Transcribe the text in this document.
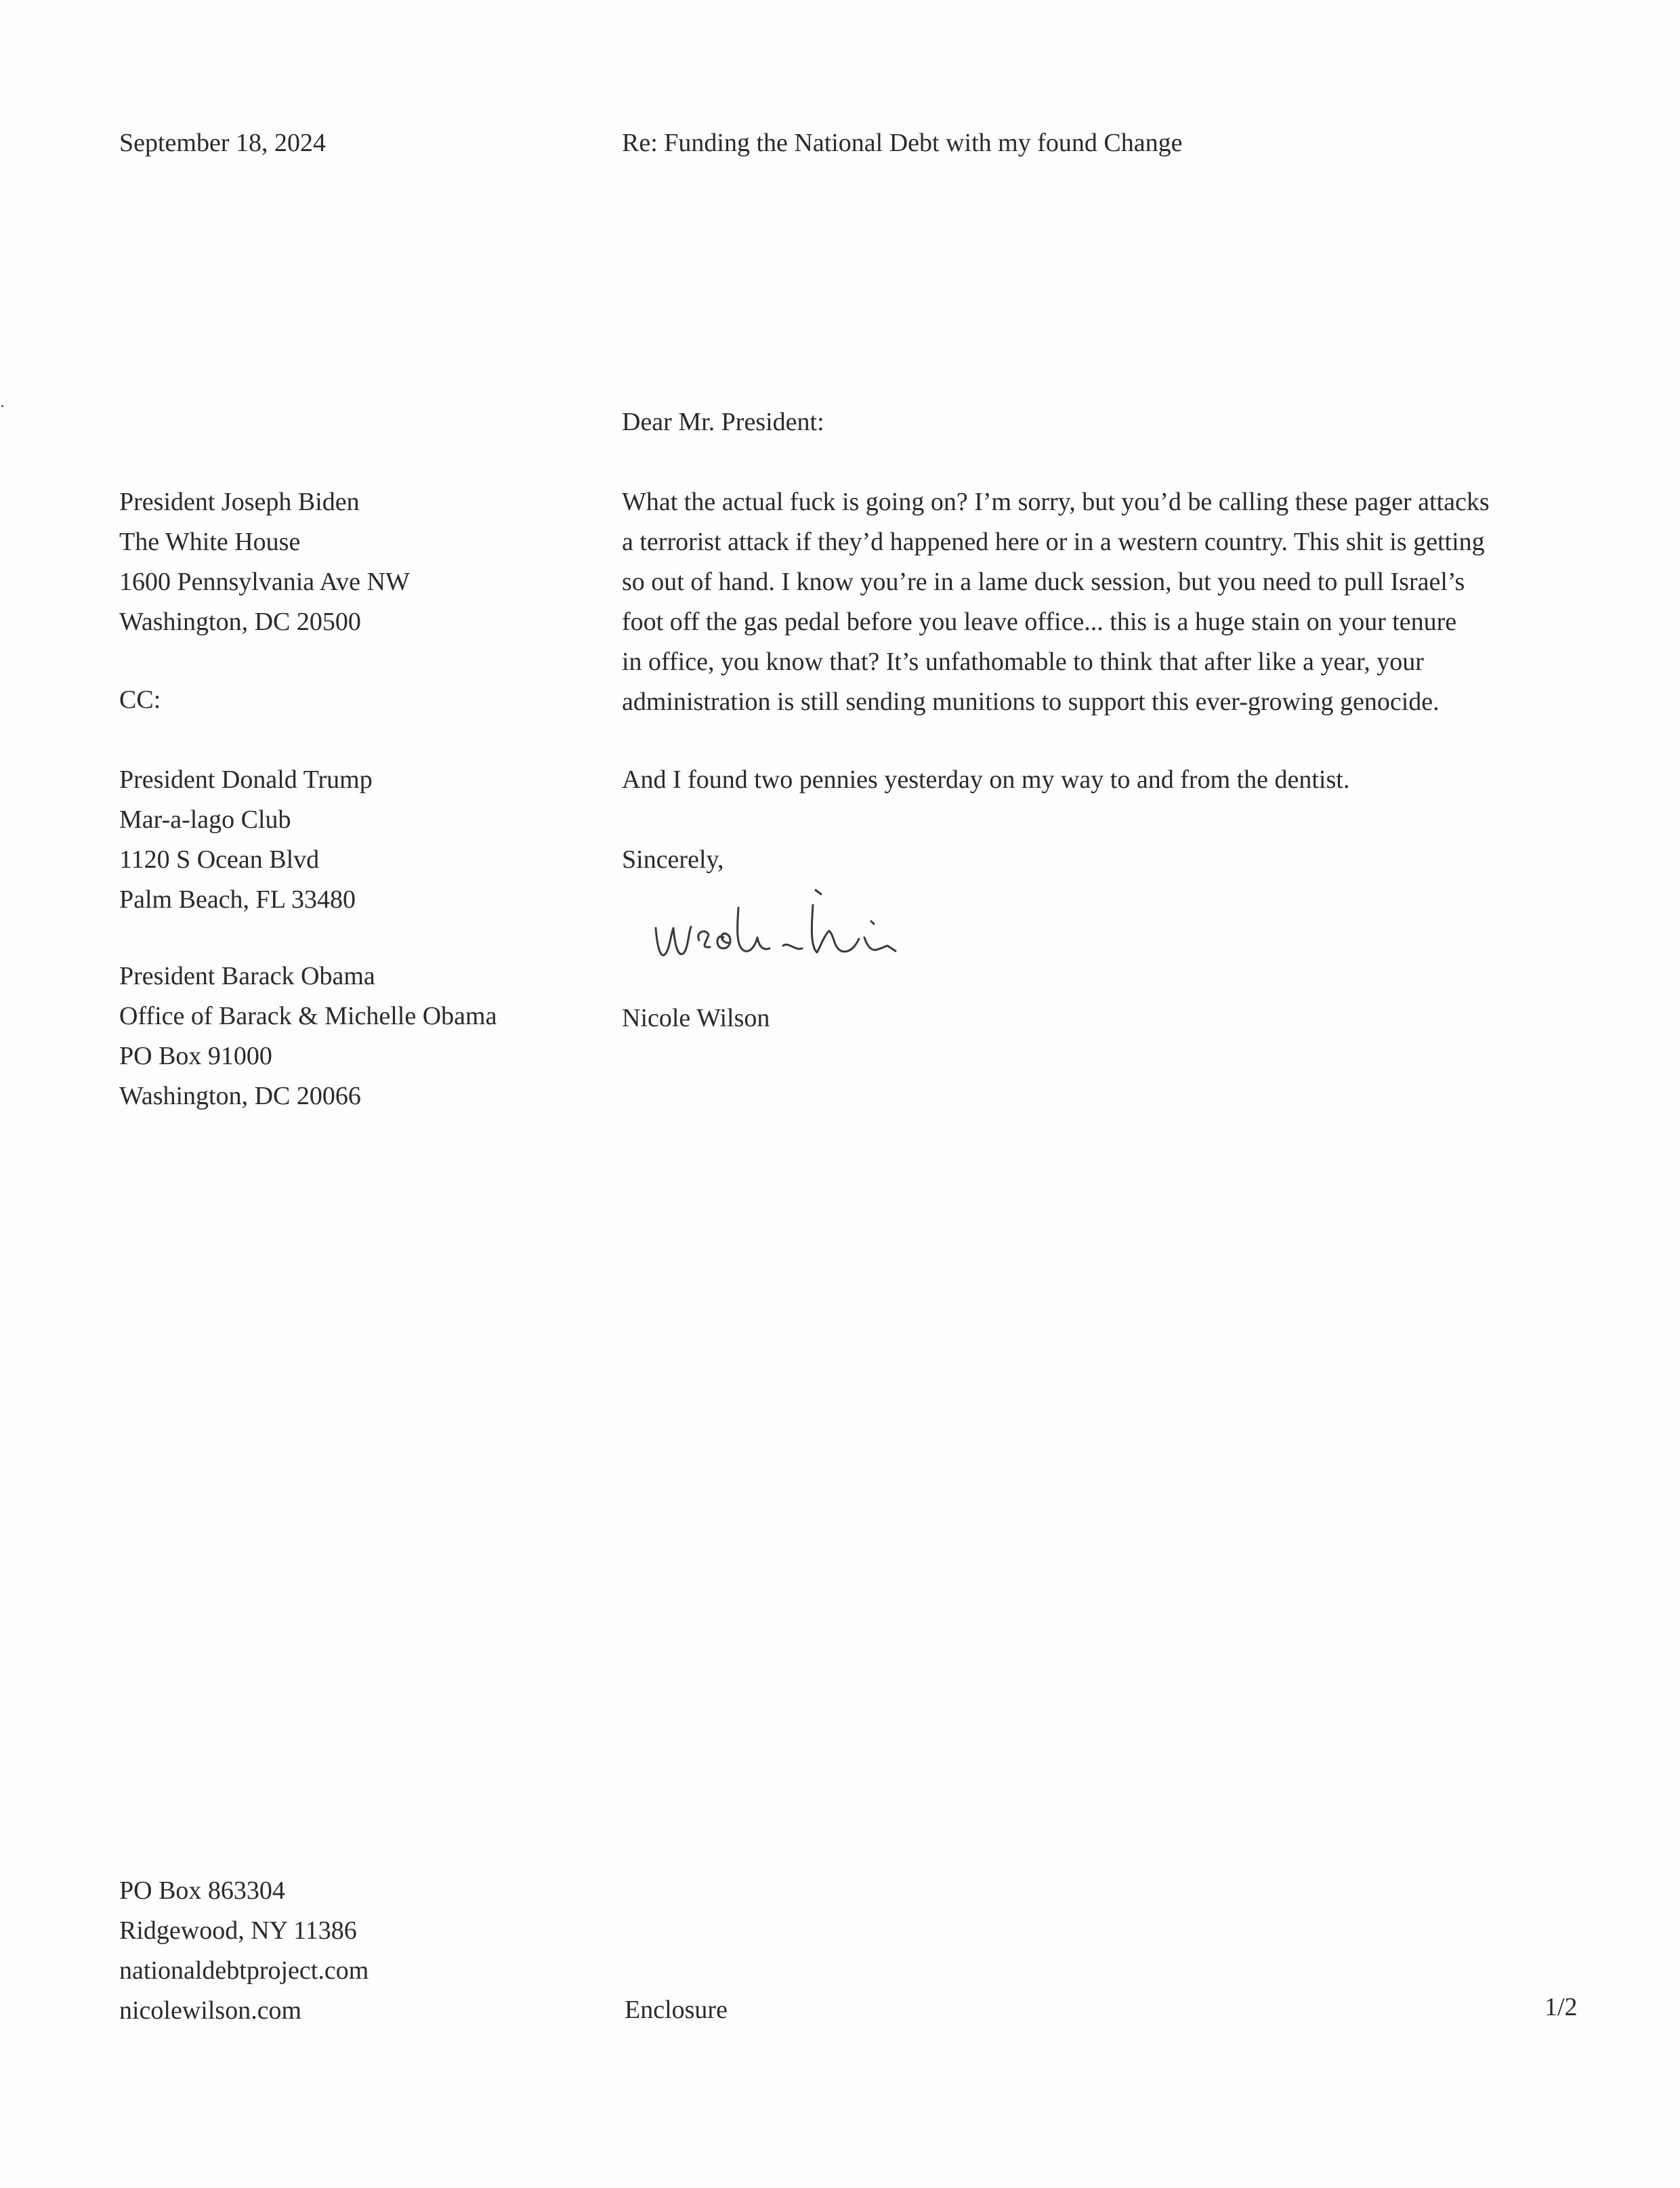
September 18, 2024	Re: Funding the National Debt with my found Change
Dear Mr. President:
President Joseph Biden
The White House
1600 Pennsylvania Ave NW
Washington, DC 20500
CC:
President Donald Trump
Mar-a-lago Club
1120 S Ocean Blvd
Palm Beach, FL 33480
President Barack Obama
Office of Barack & Michelle Obama
PO Box 91000
Washington, DC 20066
What the actual fuck is going on? I’m sorry, but you’d be calling these pager attacks
a terrorist attack if they’d happened here or in a western country. This shit is getting
so out of hand. I know you’re in a lame duck session, but you need to pull Israel’s
foot off the gas pedal before you leave office... this is a huge stain on your tenure
in office, you know that? It’s unfathomable to think that after like a year, your
administration is still sending munitions to support this ever-growing genocide.
And I found two pennies yesterday on my way to and from the dentist.
Sincerely,
Nicole Wilson
PO Box 863304
Ridgewood, NY 11386
nationaldebtproject.com
nicolewilson.com	Enclosure	1/2
